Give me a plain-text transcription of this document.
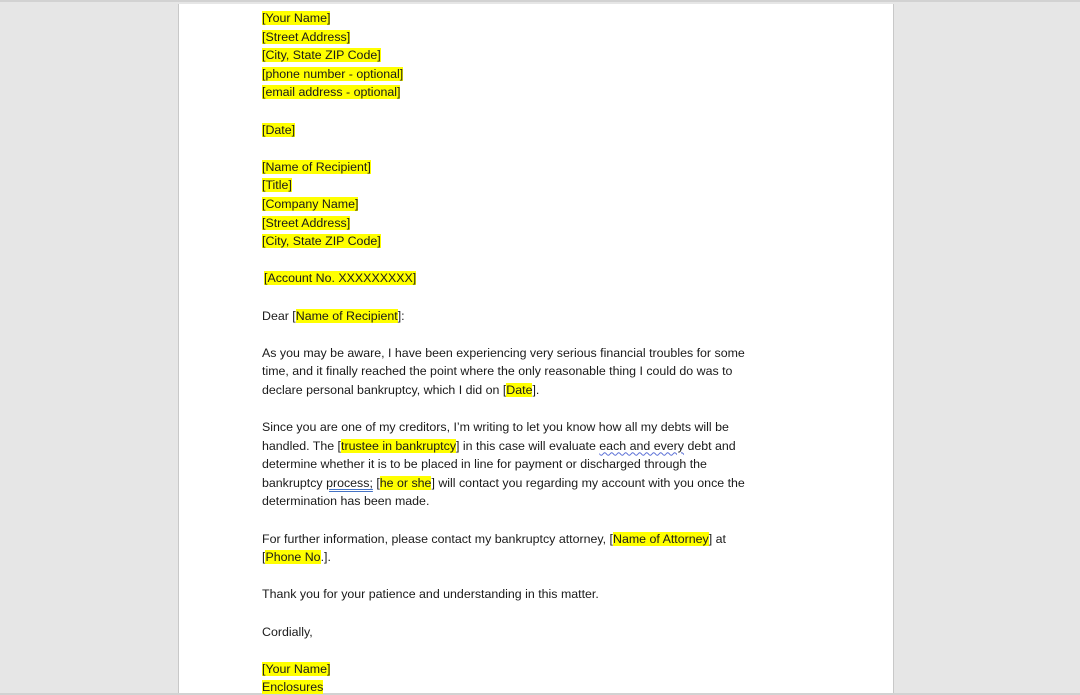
[Your Name]
[Street Address]
[City, State ZIP Code]
[phone number - optional]
[email address - optional]
[Date]
[Name of Recipient]
[Title]
[Company Name]
[Street Address]
[City, State ZIP Code]
[Account No. XXXXXXXXX]
Dear [Name of Recipient]:
As you may be aware, I have been experiencing very serious financial troubles for some
time, and it finally reached the point where the only reasonable thing I could do was to
declare personal bankruptcy, which I did on [Date].
Since you are one of my creditors, I’m writing to let you know how all my debts will be
handled. The [trustee in bankruptcy] in this case will evaluate each and every debt and
determine whether it is to be placed in line for payment or discharged through the
bankruptcy process; [he or she] will contact you regarding my account with you once the
determination has been made.
For further information, please contact my bankruptcy attorney, [Name of Attorney] at
[Phone No.].
Thank you for your patience and understanding in this matter.
Cordially,
[Your Name]
Enclosures
